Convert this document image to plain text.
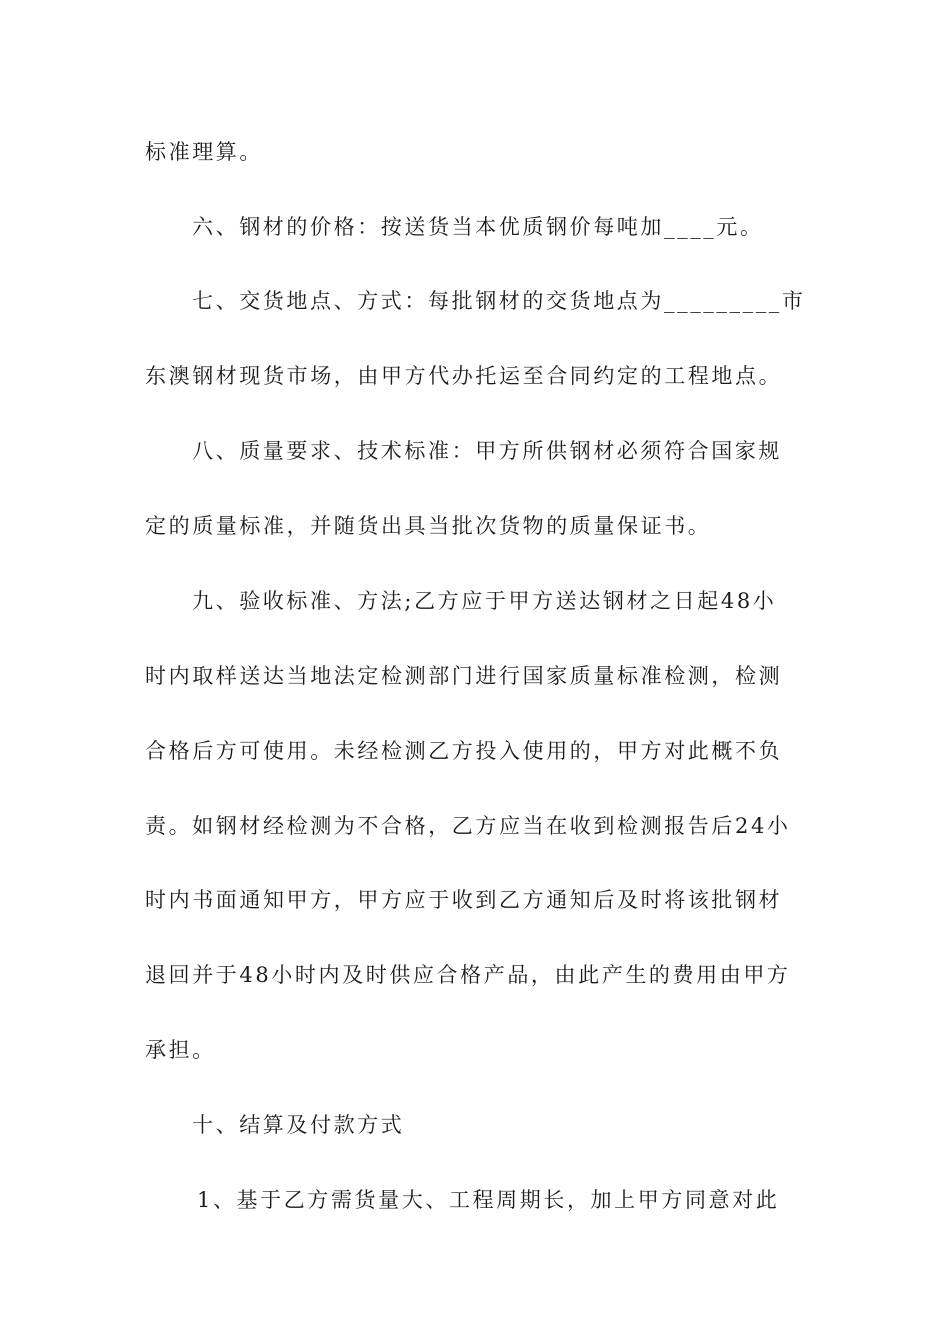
标准理算。
六、钢材的价格：按送货当本优质钢价每吨加____元。
七、交货地点、方式：每批钢材的交货地点为_________市
东澳钢材现货市场，由甲方代办托运至合同约定的工程地点。
八、质量要求、技术标准：甲方所供钢材必须符合国家规
定的质量标准，并随货出具当批次货物的质量保证书。
九、验收标准、方法;乙方应于甲方送达钢材之日起48小
时内取样送达当地法定检测部门进行国家质量标准检测，检测
合格后方可使用。未经检测乙方投入使用的，甲方对此概不负
责。如钢材经检测为不合格，乙方应当在收到检测报告后24小
时内书面通知甲方，甲方应于收到乙方通知后及时将该批钢材
退回并于48小时内及时供应合格产品，由此产生的费用由甲方
承担。
十、结算及付款方式
1、基于乙方需货量大、工程周期长，加上甲方同意对此
